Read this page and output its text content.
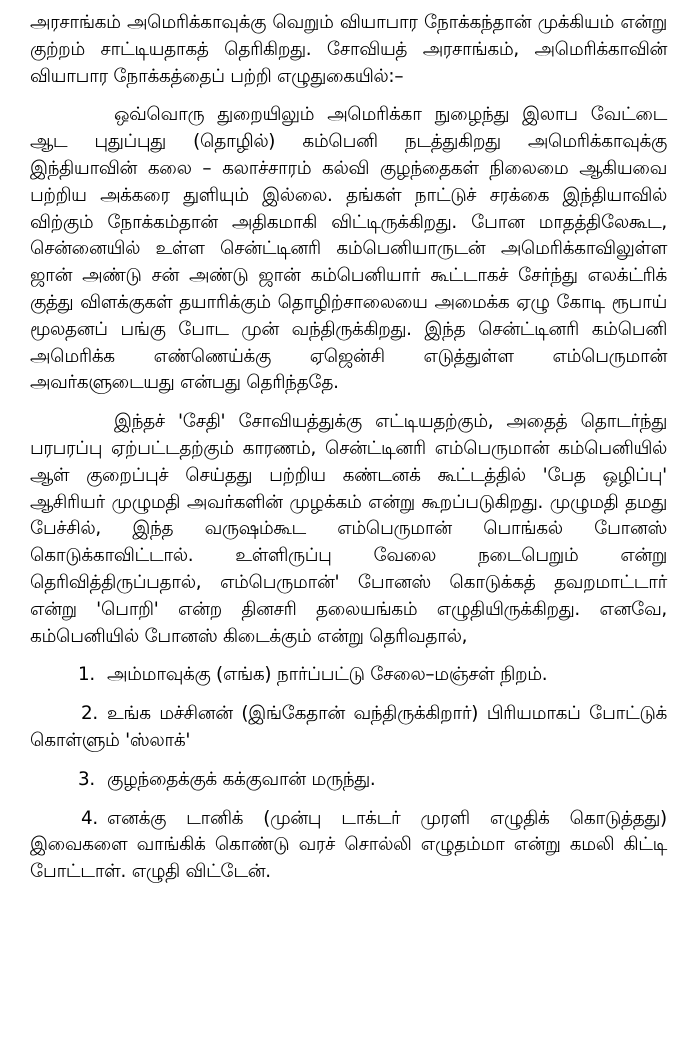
அரசாங்கம் அமெரிக்காவுக்கு வெறும் வியாபார நோக்கந்தான் முக்கியம் என்று குற்றம் சாட்டியதாகத் தெரிகிறது. சோவியத் அரசாங்கம், அமெரிக்காவின் வியாபார நோக்கத்தைப் பற்றி எழுதுகையில்:–

ஒவ்வொரு துறையிலும் அமெரிக்கா நுழைந்து இலாப வேட்டை ஆட புதுப்புது (தொழில்) கம்பெனி நடத்துகிறது அமெரிக்காவுக்கு இந்தியாவின் கலை – கலாச்சாரம் கல்வி குழந்தைகள் நிலைமை ஆகியவை பற்றிய அக்கரை துளியும் இல்லை. தங்கள் நாட்டுச் சரக்கை இந்தியாவில் விற்கும் நோக்கம்தான் அதிகமாகி விட்டிருக்கிறது. போன மாதத்திலேகூட, சென்னையில் உள்ள சென்ட்டினரி கம்பெனியாருடன் அமெரிக்காவிலுள்ள ஜான் அண்டு சன் அண்டு ஜான் கம்பெனியார் கூட்டாகச் சேர்ந்து எலக்ட்ரிக் குத்து விளக்குகள் தயாரிக்கும் தொழிற்சாலையை அமைக்க ஏழு கோடி ரூபாய் மூலதனப் பங்கு போட முன் வந்திருக்கிறது. இந்த சென்ட்டினரி கம்பெனி அமெரிக்க எண்ணெய்க்கு ஏஜென்சி எடுத்துள்ள எம்பெருமான் அவர்களுடையது என்பது தெரிந்ததே.

இந்தச் 'சேதி' சோவியத்துக்கு எட்டியதற்கும், அதைத் தொடர்ந்து பரபரப்பு ஏற்பட்டதற்கும் காரணம், சென்ட்டினரி எம்பெருமான் கம்பெனியில் ஆள் குறைப்புச் செய்தது பற்றிய கண்டனக் கூட்டத்தில் 'பேத ஒழிப்பு' ஆசிரியர் முழுமதி அவர்களின் முழக்கம் என்று கூறப்படுகிறது. முழுமதி தமது பேச்சில், இந்த வருஷம்கூட எம்பெருமான் பொங்கல் போனஸ் கொடுக்காவிட்டால். உள்ளிருப்பு வேலை நடைபெறும் என்று தெரிவித்திருப்பதால், எம்பெருமான்' போனஸ் கொடுக்கத் தவறமாட்டார் என்று 'பொறி' என்ற தினசரி தலையங்கம் எழுதியிருக்கிறது. எனவே, கம்பெனியில் போனஸ் கிடைக்கும் என்று தெரிவதால்,

1. அம்மாவுக்கு (எங்க) நார்ப்பட்டு சேலை–மஞ்சள் நிறம்.

2. உங்க மச்சினன் (இங்கேதான் வந்திருக்கிறார்) பிரியமாகப் போட்டுக் கொள்ளும் 'ஸ்லாக்'

3. குழந்தைக்குக் கக்குவான் மருந்து.

4. எனக்கு டானிக் (முன்பு டாக்டர் முரளி எழுதிக் கொடுத்தது) இவைகளை வாங்கிக் கொண்டு வரச் சொல்லி எழுதம்மா என்று கமலி கிட்டி போட்டாள். எழுதி விட்டேன்.
